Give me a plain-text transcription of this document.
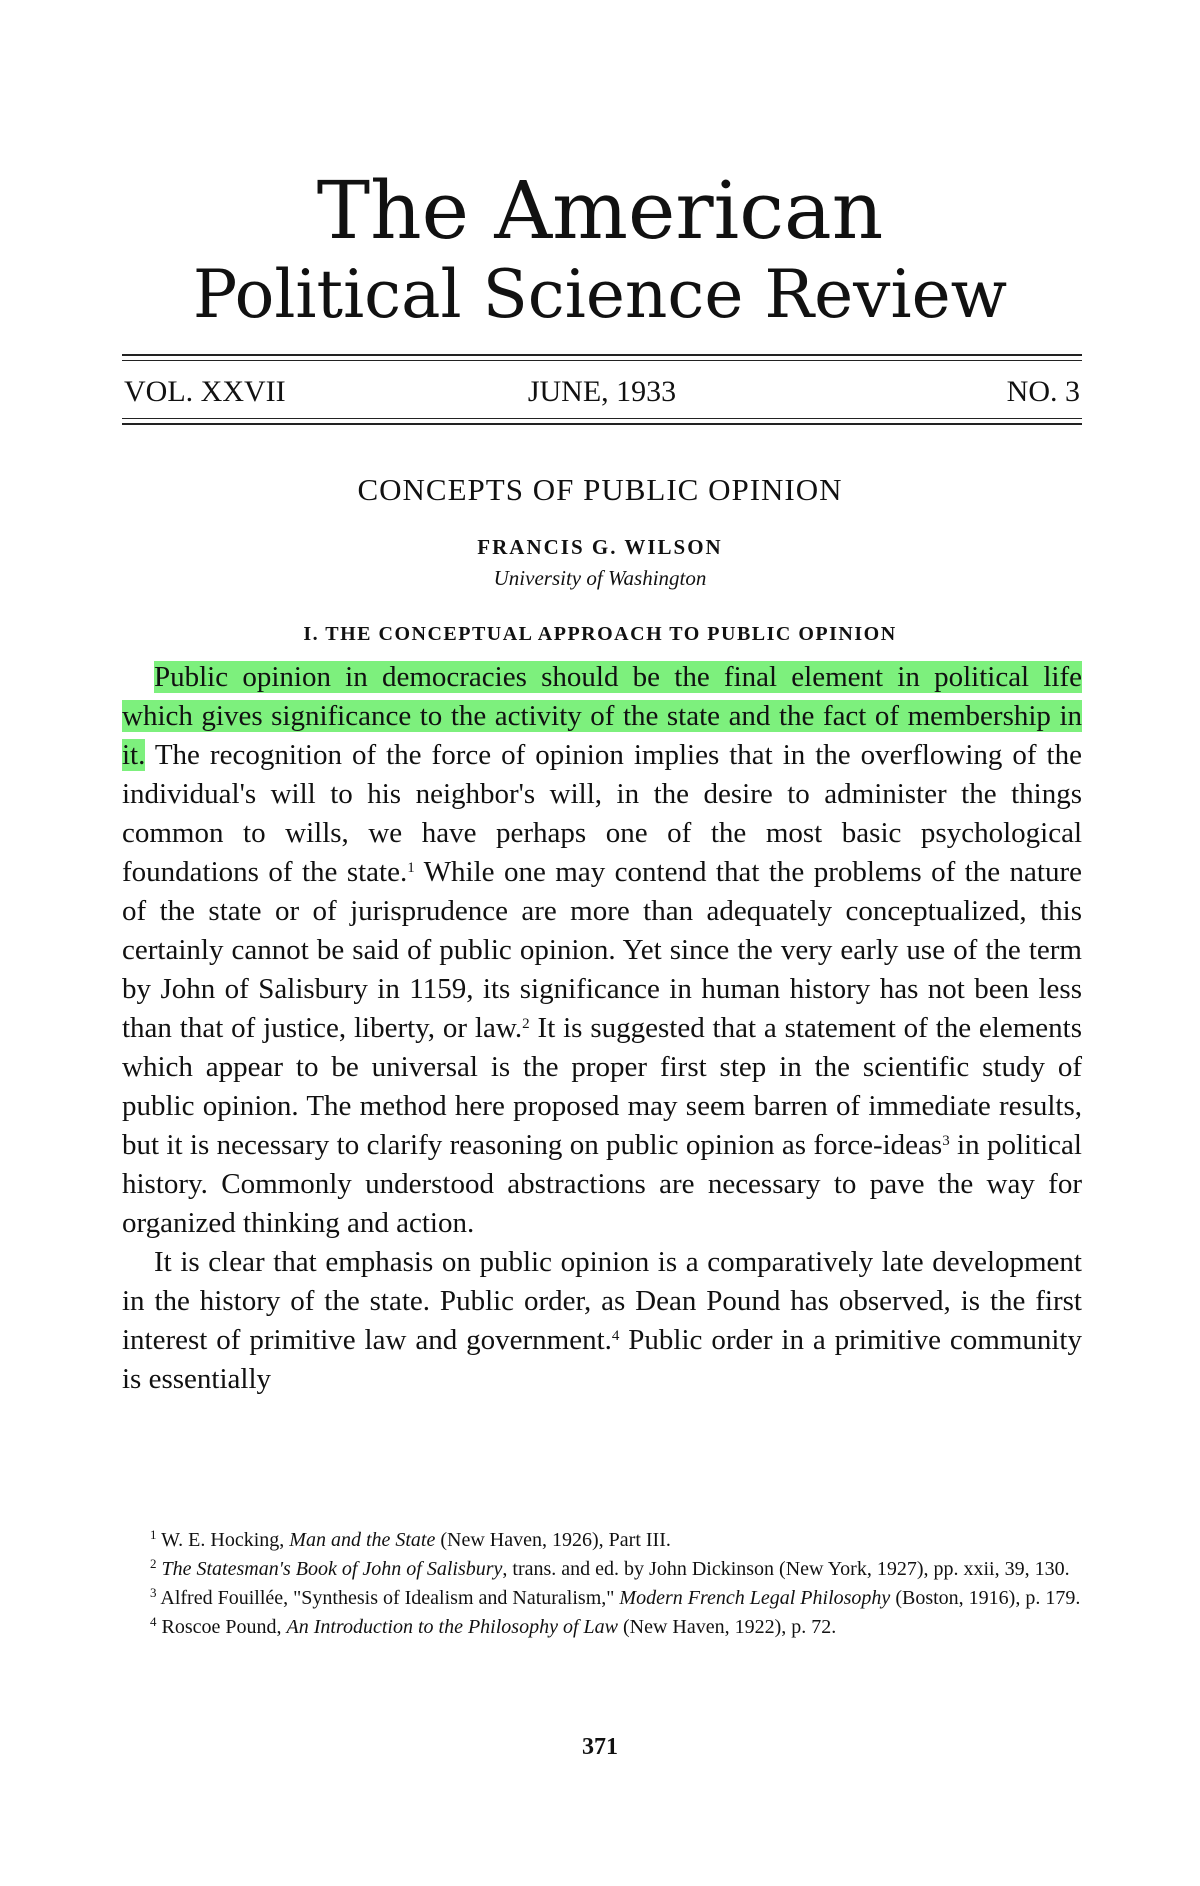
The American
Political Science Review
VOL. XXVII	JUNE, 1933	NO. 3
CONCEPTS OF PUBLIC OPINION
FRANCIS G. WILSON
University of Washington
I. THE CONCEPTUAL APPROACH TO PUBLIC OPINION

Public opinion in democracies should be the final element in political life which gives significance to the activity of the state and the fact of membership in it. The recognition of the force of opinion implies that in the overflowing of the individual's will to his neighbor's will, in the desire to administer the things common to wills, we have perhaps one of the most basic psychological foundations of the state.$^1$ While one may contend that the problems of the nature of the state or of jurisprudence are more than adequately conceptualized, this certainly cannot be said of public opinion. Yet since the very early use of the term by John of Salisbury in 1159, its significance in human history has not been less than that of justice, liberty, or law.$^2$ It is suggested that a statement of the elements which appear to be universal is the proper first step in the scientific study of public opinion. The method here proposed may seem barren of immediate results, but it is necessary to clarify reasoning on public opinion as force-ideas$^3$ in political history. Commonly understood abstractions are necessary to pave the way for organized thinking and action.

It is clear that emphasis on public opinion is a comparatively late development in the history of the state. Public order, as Dean Pound has observed, is the first interest of primitive law and government.$^4$ Public order in a primitive community is essentially

$^1$ W. E. Hocking, Man and the State (New Haven, 1926), Part III.

$^2$ The Statesman's Book of John of Salisbury, trans. and ed. by John Dickinson (New York, 1927), pp. xxii, 39, 130.

$^3$ Alfred Fouillée, "Synthesis of Idealism and Naturalism," Modern French Legal Philosophy (Boston, 1916), p. 179.

$^4$ Roscoe Pound, An Introduction to the Philosophy of Law (New Haven, 1922), p. 72.

371
